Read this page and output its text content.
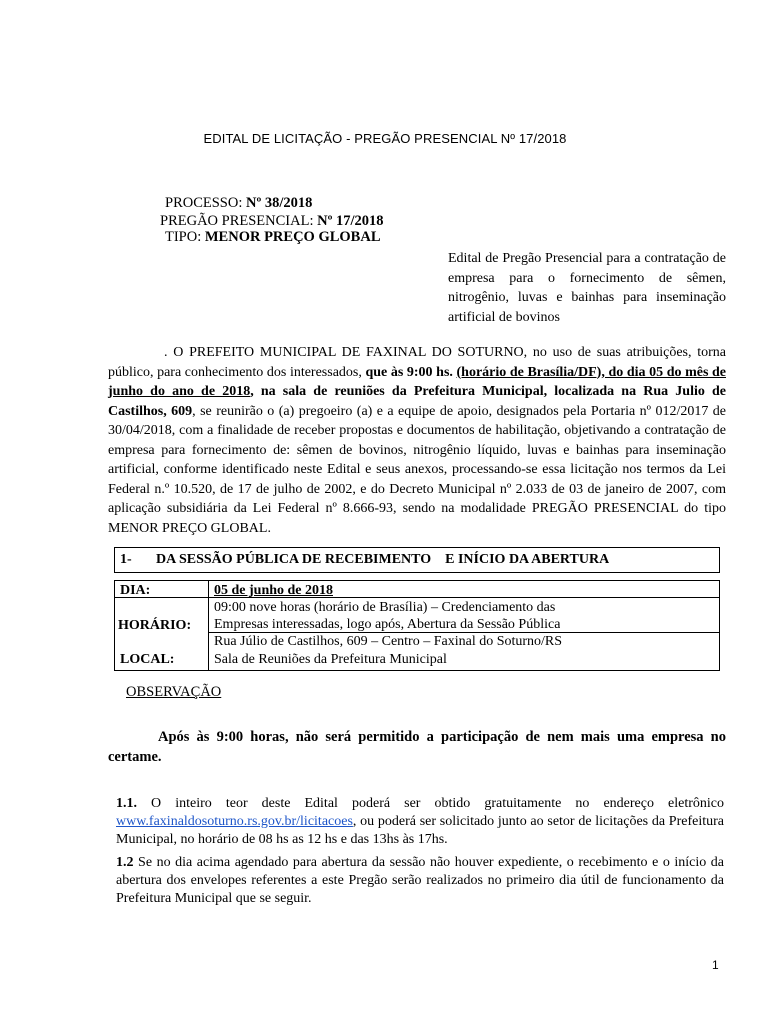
EDITAL DE LICITAÇÃO - PREGÃO PRESENCIAL Nº 17/2018
PROCESSO: Nº 38/2018
PREGÃO PRESENCIAL: Nº 17/2018
TIPO: MENOR PREÇO GLOBAL
Edital de Pregão Presencial para a contratação de empresa para o fornecimento de sêmen, nitrogênio, luvas e bainhas para inseminação artificial de bovinos
. O PREFEITO MUNICIPAL DE FAXINAL DO SOTURNO, no uso de suas atribuições, torna público, para conhecimento dos interessados, que às 9:00 hs. (horário de Brasília/DF), do dia 05 do mês de junho do ano de 2018, na sala de reuniões da Prefeitura Municipal, localizada na Rua Julio de Castilhos, 609, se reunirão o (a) pregoeiro (a) e a equipe de apoio, designados pela Portaria nº 012/2017 de 30/04/2018, com a finalidade de receber propostas e documentos de habilitação, objetivando a contratação de empresa para fornecimento de: sêmen de bovinos, nitrogênio líquido, luvas e bainhas para inseminação artificial, conforme identificado neste Edital e seus anexos, processando-se essa licitação nos termos da Lei Federal n.º 10.520, de 17 de julho de 2002, e do Decreto Municipal nº 2.033 de 03 de janeiro de 2007, com aplicação subsidiária da Lei Federal nº 8.666-93, sendo na modalidade PREGÃO PRESENCIAL do tipo MENOR PREÇO GLOBAL.
1- DA SESSÃO PÚBLICA DE RECEBIMENTO    E INÍCIO DA ABERTURA
DIA:	05 de junho de 2018
09:00 nove horas (horário de Brasília) – Credenciamento das
HORÁRIO: Empresas interessadas, logo após, Abertura da Sessão Pública
Rua Júlio de Castilhos, 609 – Centro – Faxinal do Soturno/RS
LOCAL:	Sala de Reuniões da Prefeitura Municipal
OBSERVAÇÃO
Após às 9:00 horas, não será permitido a participação de nem mais uma empresa no certame.
1.1. O inteiro teor deste Edital poderá ser obtido gratuitamente no endereço eletrônico www.faxinaldosoturno.rs.gov.br/licitacoes, ou poderá ser solicitado junto ao setor de licitações da Prefeitura Municipal, no horário de 08 hs as 12 hs e das 13hs às 17hs.
1.2 Se no dia acima agendado para abertura da sessão não houver expediente, o recebimento e o início da abertura dos envelopes referentes a este Pregão serão realizados no primeiro dia útil de funcionamento da Prefeitura Municipal que se seguir.
1
